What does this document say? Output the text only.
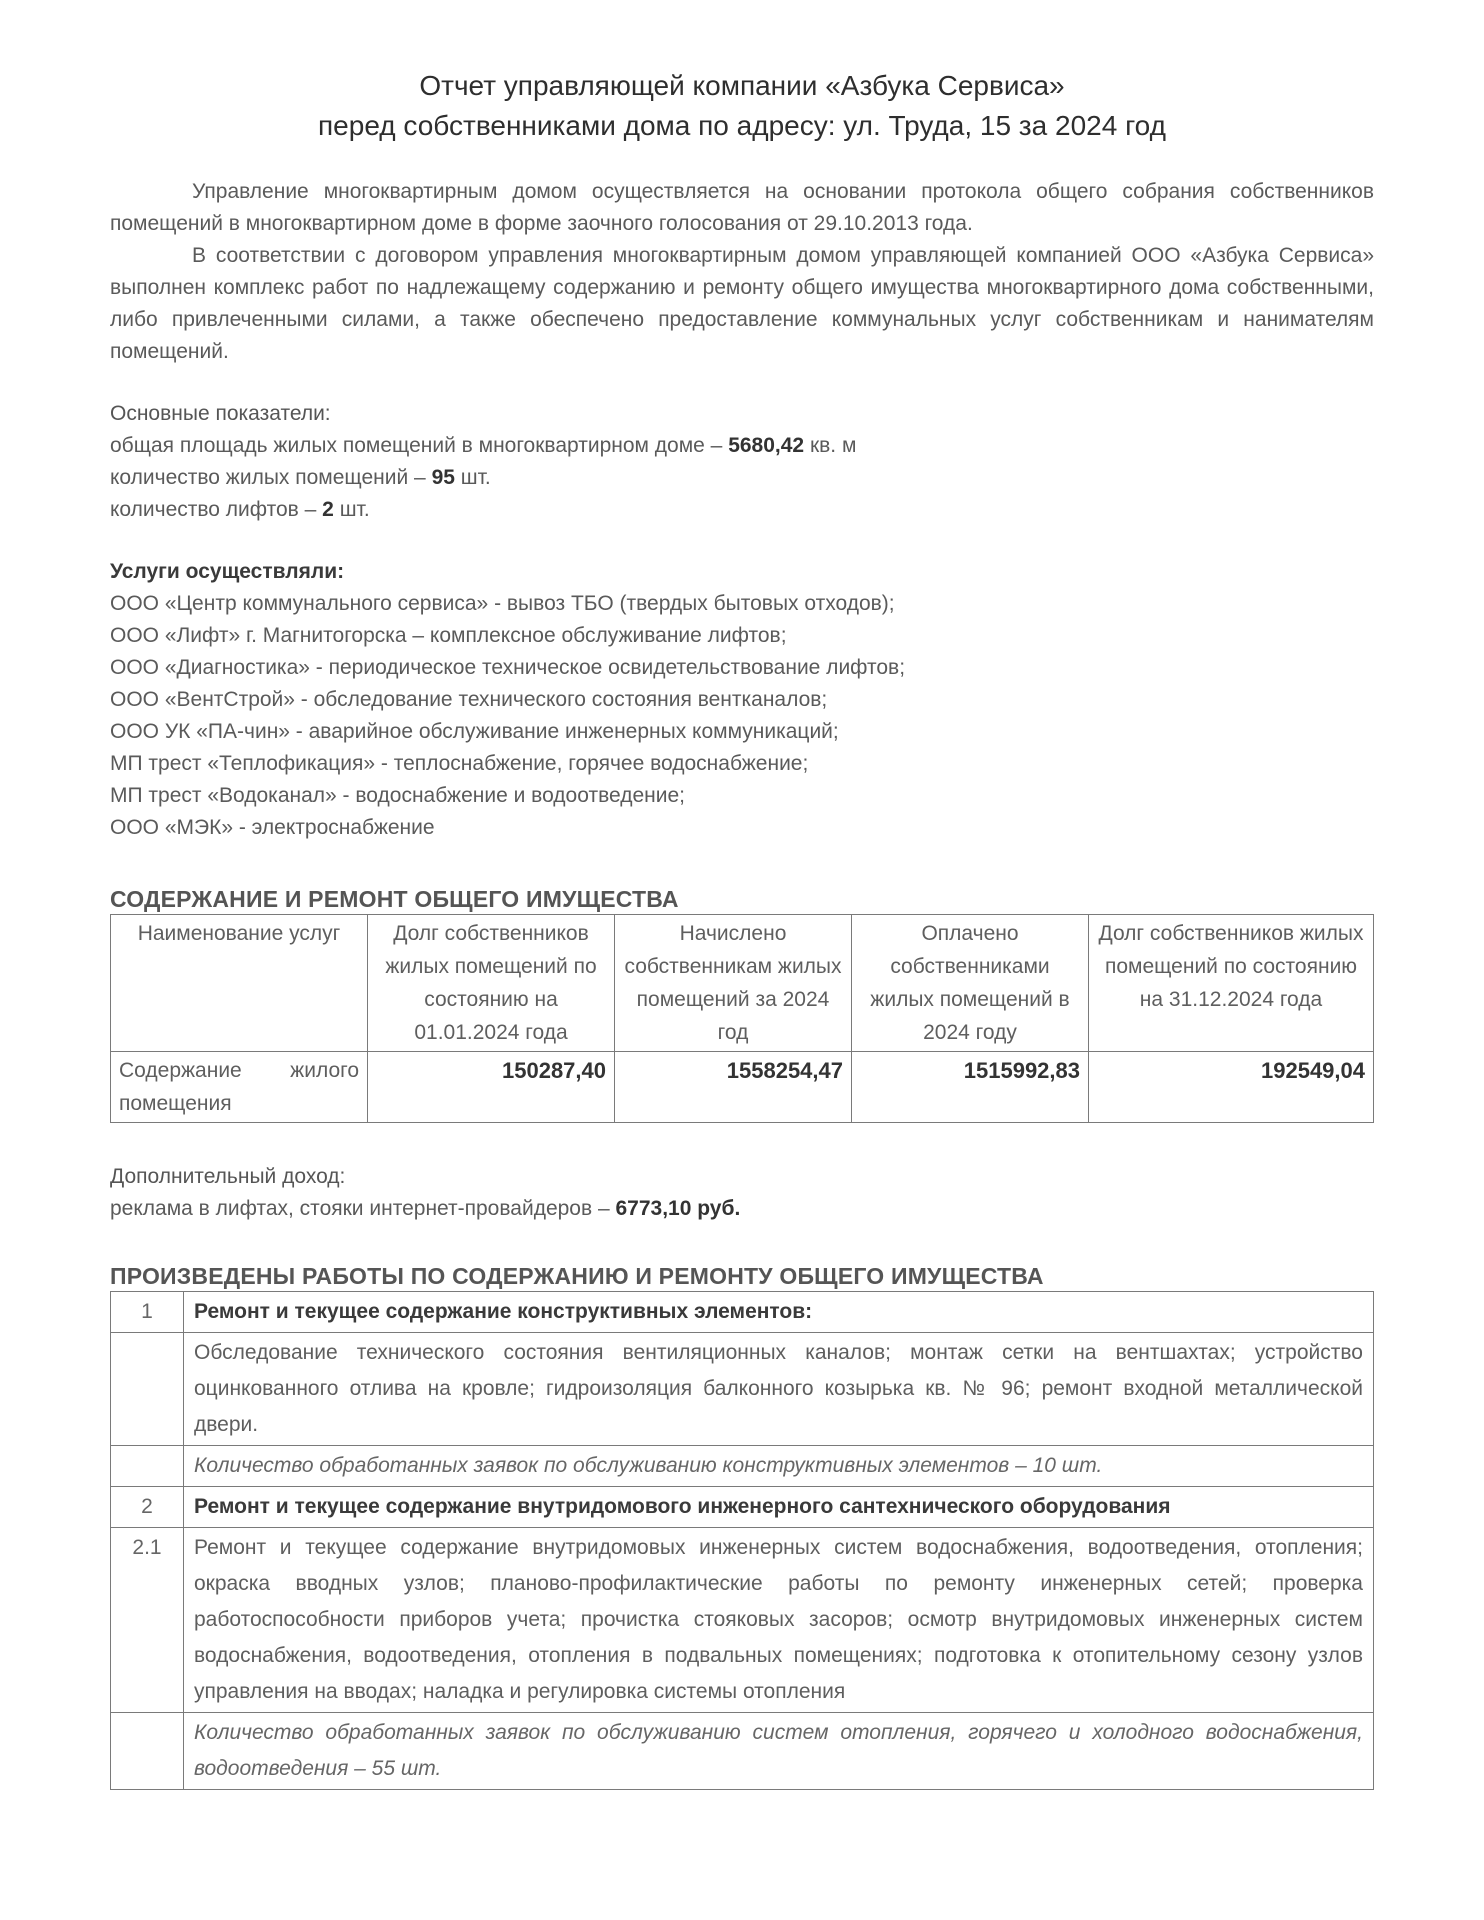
Отчет управляющей компании «Азбука Сервиса»
перед собственниками дома по адресу: ул. Труда, 15 за 2024 год

Управление многоквартирным домом осуществляется на основании протокола общего собрания собственников помещений в многоквартирном доме в форме заочного голосования от 29.10.2013 года.

В соответствии с договором управления многоквартирным домом управляющей компанией ООО «Азбука Сервиса» выполнен комплекс работ по надлежащему содержанию и ремонту общего имущества многоквартирного дома собственными, либо привлеченными силами, а также обеспечено предоставление коммунальных услуг собственникам и нанимателям помещений.

Основные показатели:
общая площадь жилых помещений в многоквартирном доме – 5680,42 кв. м
количество жилых помещений – 95 шт.
количество лифтов – 2 шт.
Услуги осуществляли:
ООО «Центр коммунального сервиса» - вывоз ТБО (твердых бытовых отходов);
ООО «Лифт» г. Магнитогорска – комплексное обслуживание лифтов;
ООО «Диагностика» - периодическое техническое освидетельствование лифтов;
ООО «ВентСтрой» - обследование технического состояния вентканалов;
ООО УК «ПА-чин» - аварийное обслуживание инженерных коммуникаций;
МП трест «Теплофикация» - теплоснабжение, горячее водоснабжение;
МП трест «Водоканал» - водоснабжение и водоотведение;
ООО «МЭК» - электроснабжение
СОДЕРЖАНИЕ И РЕМОНТ ОБЩЕГО ИМУЩЕСТВА
Наименование услуг	Долг собственников жилых помещений по состоянию на 01.01.2024 года	Начислено собственникам жилых помещений за 2024 год	Оплачено собственниками жилых помещений в 2024 году	Долг собственников жилых помещений по состоянию на 31.12.2024 года
Содержание жилого помещения	150287,40	1558254,47	1515992,83	192549,04
Дополнительный доход:
реклама в лифтах, стояки интернет-провайдеров – 6773,10 руб.
ПРОИЗВЕДЕНЫ РАБОТЫ ПО СОДЕРЖАНИЮ И РЕМОНТУ ОБЩЕГО ИМУЩЕСТВА
1	Ремонт и текущее содержание конструктивных элементов:
	Обследование технического состояния вентиляционных каналов; монтаж сетки на вентшахтах; устройство оцинкованного отлива на кровле; гидроизоляция балконного козырька кв. № 96; ремонт входной металлической двери.
	Количество обработанных заявок по обслуживанию конструктивных элементов – 10 шт.
2	Ремонт и текущее содержание внутридомового инженерного сантехнического оборудования
2.1	Ремонт и текущее содержание внутридомовых инженерных систем водоснабжения, водоотведения, отопления; окраска вводных узлов; планово-профилактические работы по ремонту инженерных сетей; проверка работоспособности приборов учета; прочистка стояковых засоров; осмотр внутридомовых инженерных систем водоснабжения, водоотведения, отопления в подвальных помещениях; подготовка к отопительному сезону узлов управления на вводах; наладка и регулировка системы отопления
	Количество обработанных заявок по обслуживанию систем отопления, горячего и холодного водоснабжения, водоотведения – 55 шт.
